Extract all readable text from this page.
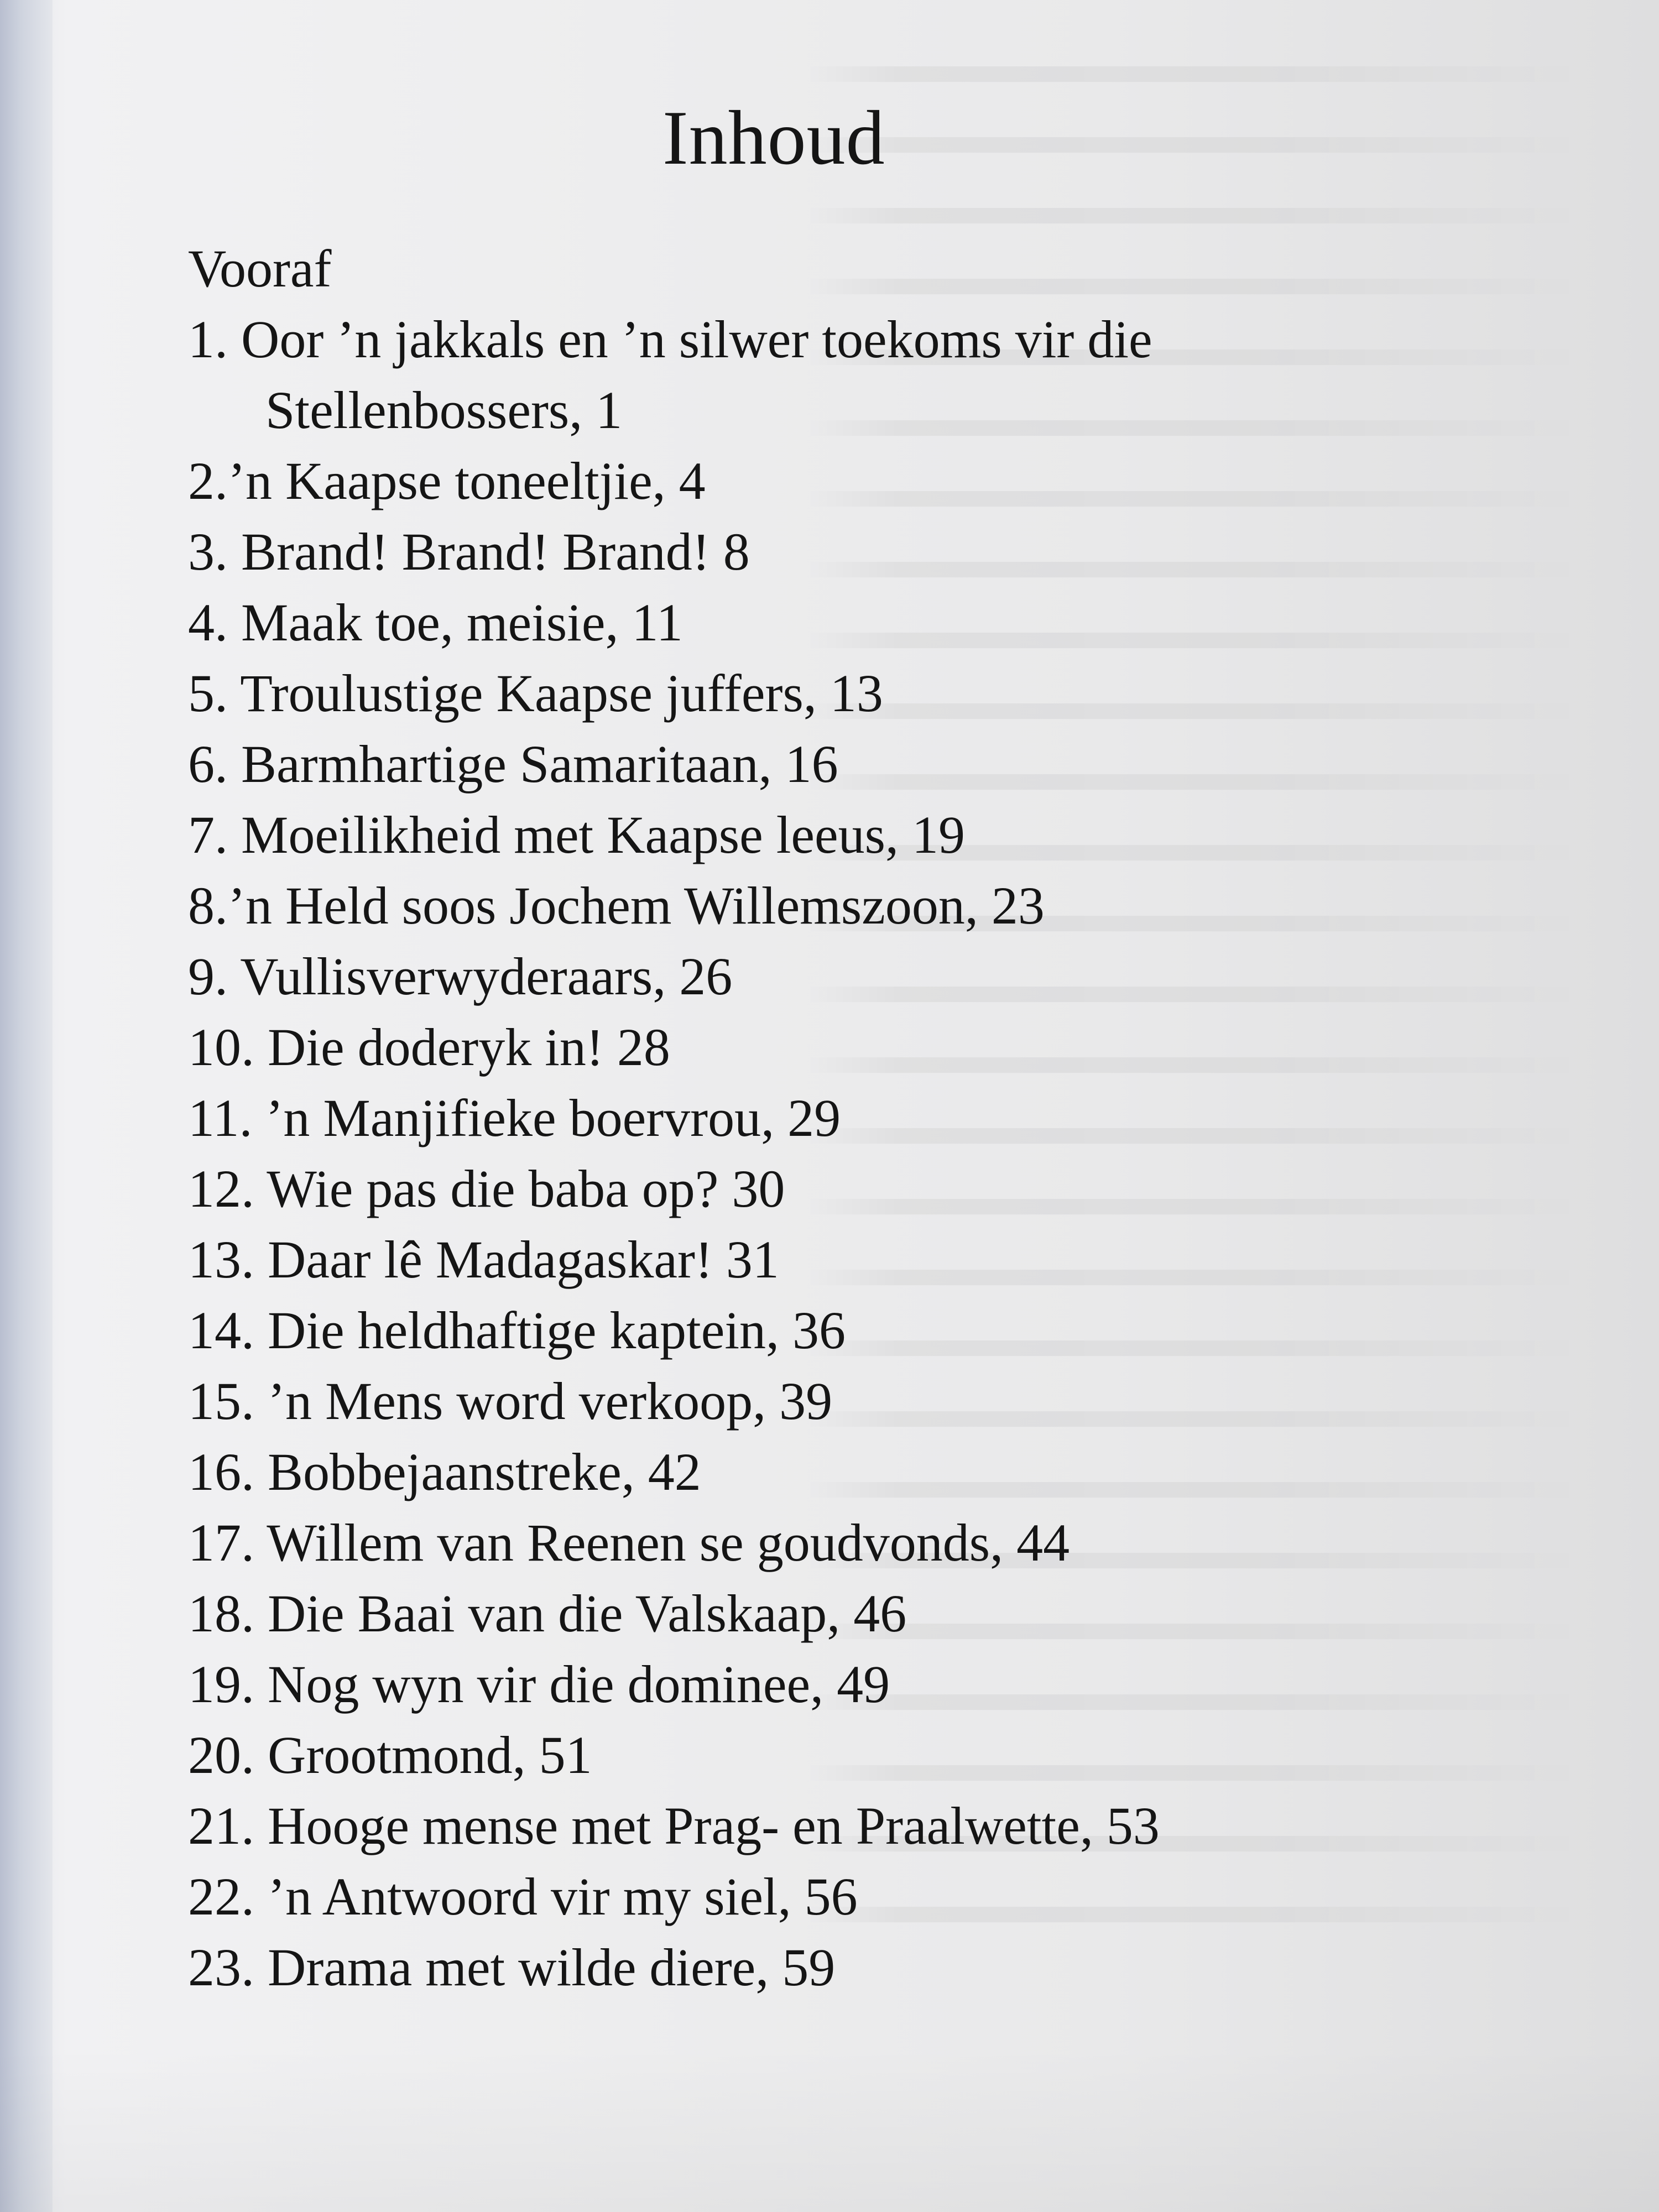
Inhoud
Vooraf
1. Oor ’n jakkals en ’n silwer toekoms vir die
Stellenbossers, 1
2.’n Kaapse toneeltjie, 4
3. Brand! Brand! Brand! 8
4. Maak toe, meisie, 11
5. Troulustige Kaapse juffers, 13
6. Barmhartige Samaritaan, 16
7. Moeilikheid met Kaapse leeus, 19
8.’n Held soos Jochem Willemszoon, 23
9. Vullisverwyderaars, 26
10. Die doderyk in! 28
11. ’n Manjifieke boervrou, 29
12. Wie pas die baba op? 30
13. Daar lê Madagaskar! 31
14. Die heldhaftige kaptein, 36
15. ’n Mens word verkoop, 39
16. Bobbejaanstreke, 42
17. Willem van Reenen se goudvonds, 44
18. Die Baai van die Valskaap, 46
19. Nog wyn vir die dominee, 49
20. Grootmond, 51
21. Hooge mense met Prag- en Praalwette, 53
22. ’n Antwoord vir my siel, 56
23. Drama met wilde diere, 59
